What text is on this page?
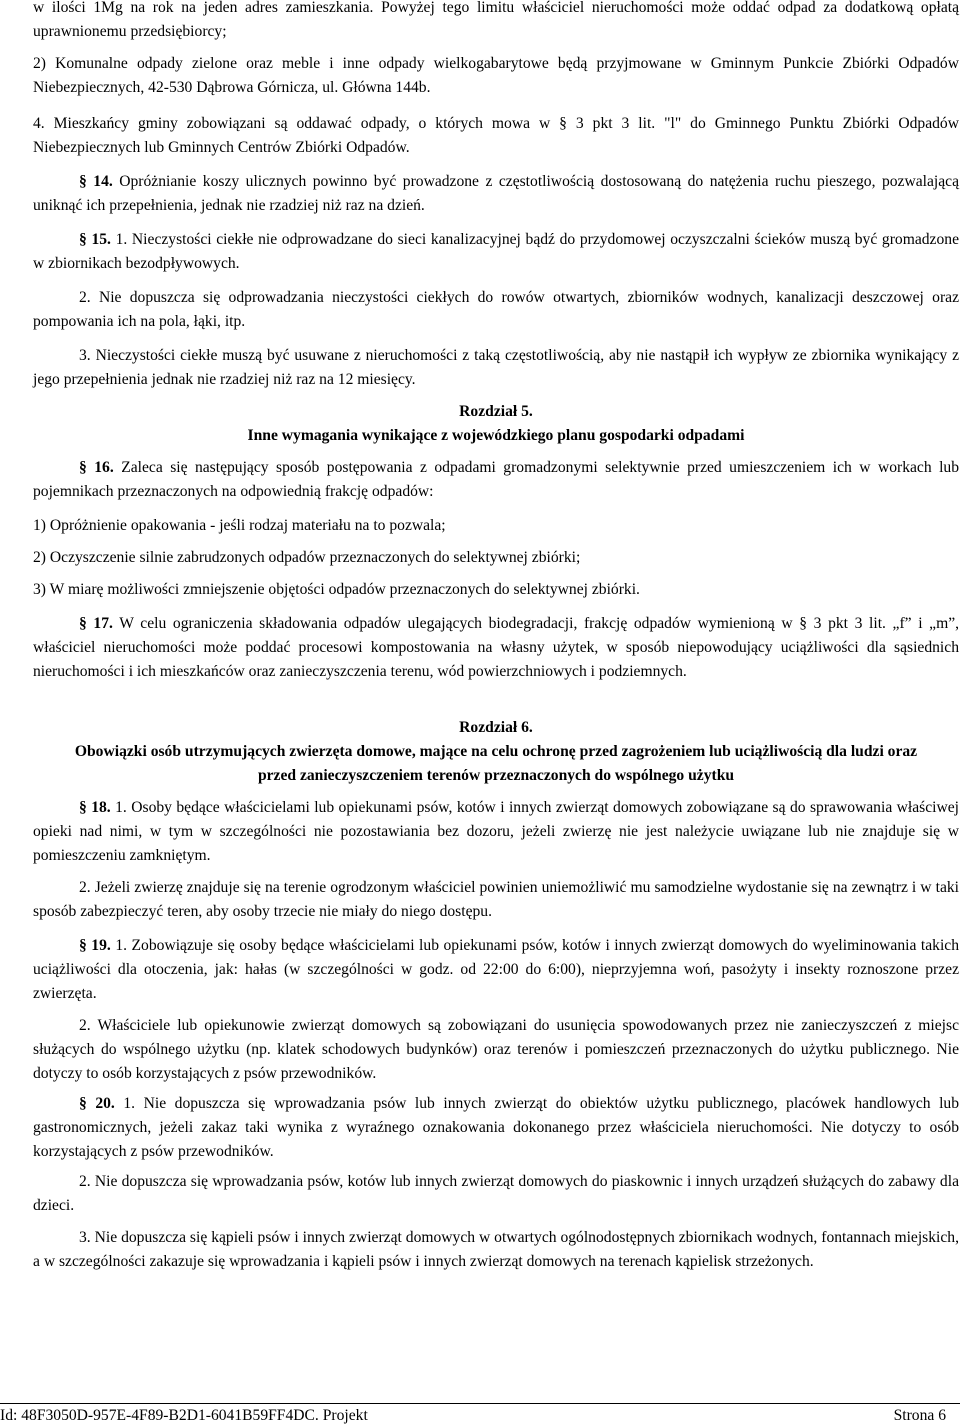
w ilości 1Mg na rok na jeden adres zamieszkania. Powyżej tego limitu właściciel nieruchomości może oddać odpad za dodatkową opłatą uprawnionemu przedsiębiorcy;

2) Komunalne odpady zielone oraz meble i inne odpady wielkogabarytowe będą przyjmowane w Gminnym Punkcie Zbiórki Odpadów Niebezpiecznych, 42-530 Dąbrowa Górnicza, ul. Główna 144b.

4. Mieszkańcy gminy zobowiązani są oddawać odpady, o których mowa w § 3 pkt 3 lit. "l" do Gminnego Punktu Zbiórki Odpadów Niebezpiecznych lub Gminnych Centrów Zbiórki Odpadów.

§ 14. Opróżnianie koszy ulicznych powinno być prowadzone z częstotliwością dostosowaną do natężenia ruchu pieszego, pozwalającą uniknąć ich przepełnienia, jednak nie rzadziej niż raz na dzień.

§ 15. 1. Nieczystości ciekłe nie odprowadzane do sieci kanalizacyjnej bądź do przydomowej oczyszczalni ścieków muszą być gromadzone w zbiornikach bezodpływowych.

2. Nie dopuszcza się odprowadzania nieczystości ciekłych do rowów otwartych, zbiorników wodnych, kanalizacji deszczowej oraz pompowania ich na pola, łąki, itp.

3. Nieczystości ciekłe muszą być usuwane z nieruchomości z taką częstotliwością, aby nie nastąpił ich wypływ ze zbiornika wynikający z jego przepełnienia jednak nie rzadziej niż raz na 12 miesięcy.

Rozdział 5.

Inne wymagania wynikające z wojewódzkiego planu gospodarki odpadami

§ 16. Zaleca się następujący sposób postępowania z odpadami gromadzonymi selektywnie przed umieszczeniem ich w workach lub pojemnikach przeznaczonych na odpowiednią frakcję odpadów:

1) Opróżnienie opakowania - jeśli rodzaj materiału na to pozwala;

2) Oczyszczenie silnie zabrudzonych odpadów przeznaczonych do selektywnej zbiórki;

3) W miarę możliwości zmniejszenie objętości odpadów przeznaczonych do selektywnej zbiórki.

§ 17. W celu ograniczenia składowania odpadów ulegających biodegradacji, frakcję odpadów wymienioną w § 3 pkt 3 lit. „f” i „m”, właściciel nieruchomości może poddać procesowi kompostowania na własny użytek, w sposób niepowodujący uciążliwości dla sąsiednich nieruchomości i ich mieszkańców oraz zanieczyszczenia terenu, wód powierzchniowych i podziemnych.

Rozdział 6.

Obowiązki osób utrzymujących zwierzęta domowe, mające na celu ochronę przed zagrożeniem lub uciążliwością dla ludzi oraz przed zanieczyszczeniem terenów przeznaczonych do wspólnego użytku

§ 18. 1. Osoby będące właścicielami lub opiekunami psów, kotów i innych zwierząt domowych zobowiązane są do sprawowania właściwej opieki nad nimi, w tym w szczególności nie pozostawiania bez dozoru, jeżeli zwierzę nie jest należycie uwiązane lub nie znajduje się w pomieszczeniu zamkniętym.

2. Jeżeli zwierzę znajduje się na terenie ogrodzonym właściciel powinien uniemożliwić mu samodzielne wydostanie się na zewnątrz i w taki sposób zabezpieczyć teren, aby osoby trzecie nie miały do niego dostępu.

§ 19. 1. Zobowiązuje się osoby będące właścicielami lub opiekunami psów, kotów i innych zwierząt domowych do wyeliminowania takich uciążliwości dla otoczenia, jak: hałas (w szczególności w godz. od 22:00 do 6:00), nieprzyjemna woń, pasożyty i insekty roznoszone przez zwierzęta.

2. Właściciele lub opiekunowie zwierząt domowych są zobowiązani do usunięcia spowodowanych przez nie zanieczyszczeń z miejsc służących do wspólnego użytku (np. klatek schodowych budynków) oraz terenów i pomieszczeń przeznaczonych do użytku publicznego. Nie dotyczy to osób korzystających z psów przewodników.

§ 20. 1. Nie dopuszcza się wprowadzania psów lub innych zwierząt do obiektów użytku publicznego, placówek handlowych lub gastronomicznych, jeżeli zakaz taki wynika z wyraźnego oznakowania dokonanego przez właściciela nieruchomości. Nie dotyczy to osób korzystających z psów przewodników.

2. Nie dopuszcza się wprowadzania psów, kotów lub innych zwierząt domowych do piaskownic i innych urządzeń służących do zabawy dla dzieci.

3. Nie dopuszcza się kąpieli psów i innych zwierząt domowych w otwartych ogólnodostępnych zbiornikach wodnych, fontannach miejskich, a w szczególności zakazuje się wprowadzania i kąpieli psów i innych zwierząt domowych na terenach kąpielisk strzeżonych.

Id: 48F3050D-957E-4F89-B2D1-6041B59FF4DC. Projekt	Strona 6
